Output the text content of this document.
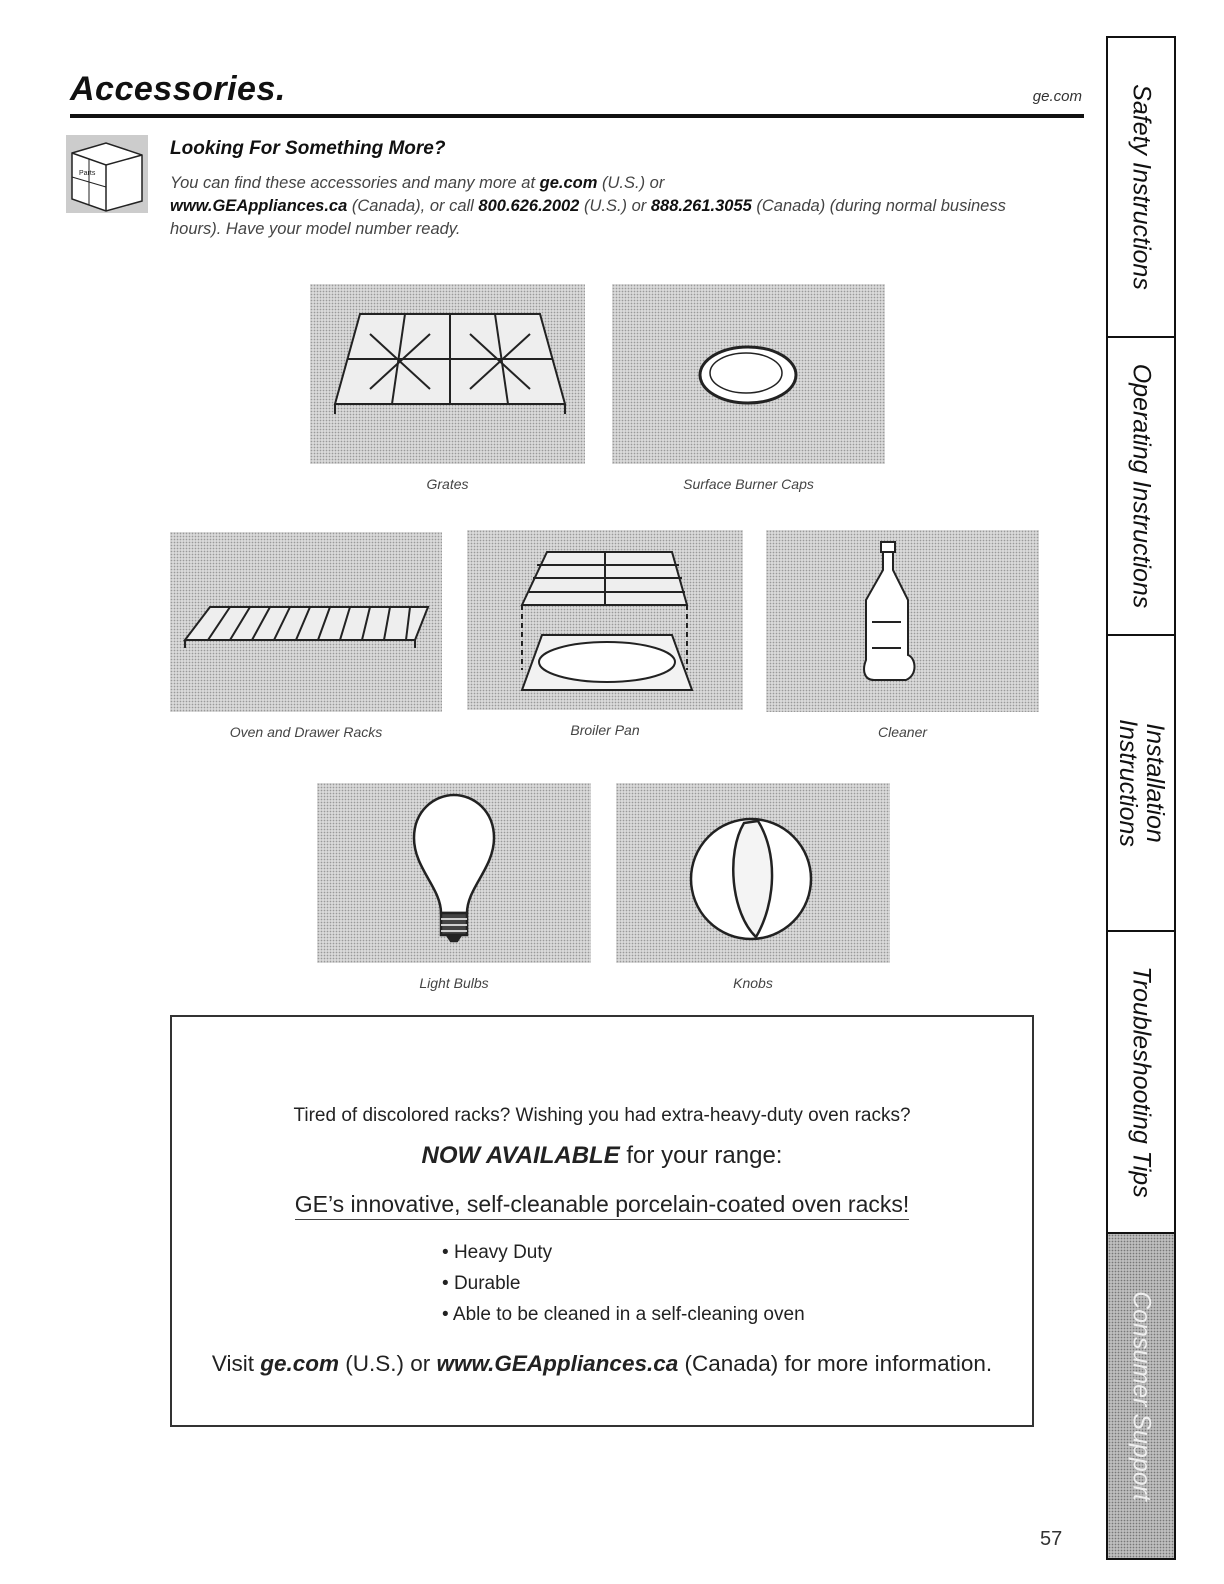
Accessories.	ge.com
Parts
Looking For Something More?
You can find these accessories and many more at ge.com (U.S.) or
www.GEAppliances.ca (Canada), or call 800.626.2002 (U.S.) or 888.261.3055 (Canada) (during normal business hours). Have your model number ready.
Grates	Surface Burner Caps
Oven and Drawer Racks	Broiler Pan	Cleaner
Light Bulbs	Knobs
Tired of discolored racks? Wishing you had extra-heavy-duty oven racks?
NOW AVAILABLE for your range:
GE’s innovative, self-cleanable porcelain-coated oven racks!
• Heavy Duty
• Durable
• Able to be cleaned in a self-cleaning oven
Visit ge.com (U.S.) or www.GEAppliances.ca (Canada) for more information.
57
Safety Instructions
Operating Instructions
Installation Instructions
Troubleshooting Tips
Consumer Support
